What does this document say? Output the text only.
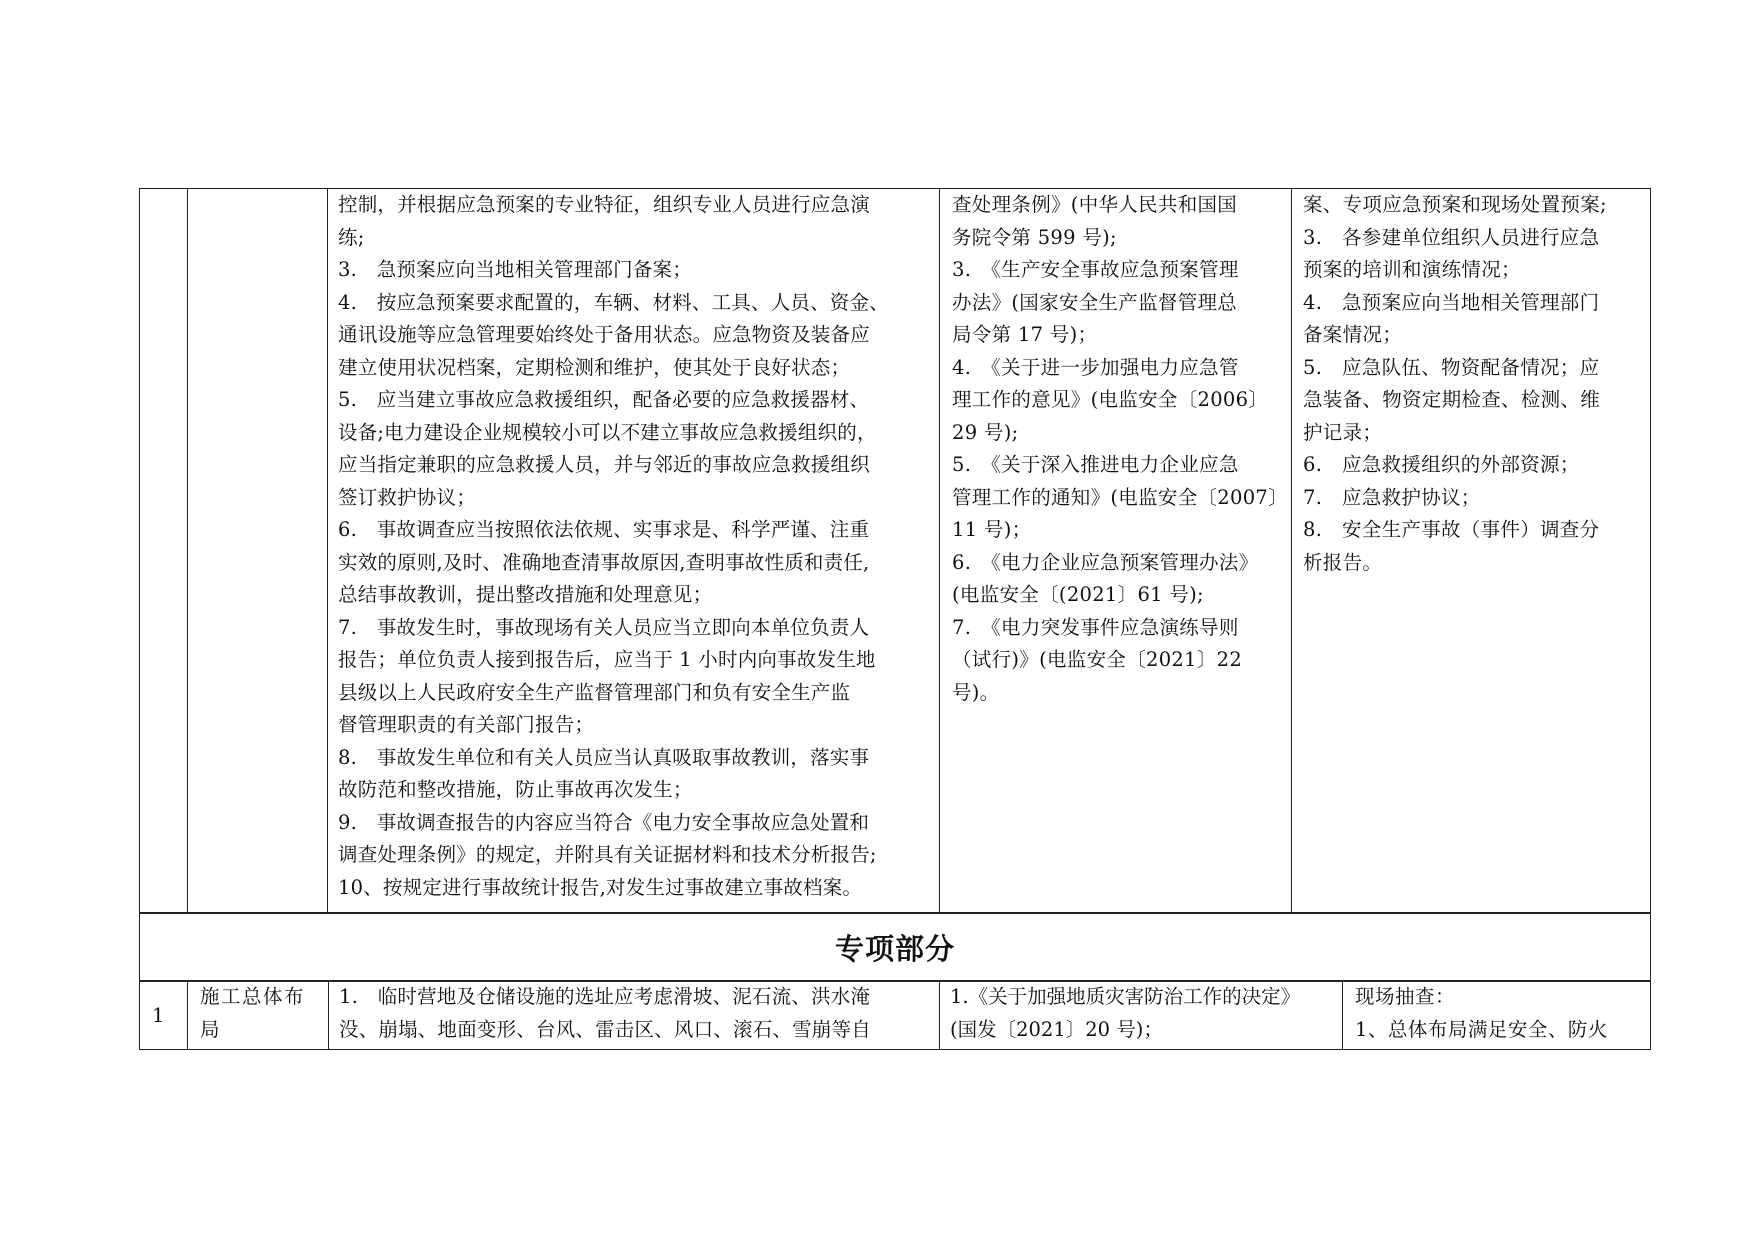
控制，并根据应急预案的专业特征，组织专业人员进行应急演
练;
3.　急预案应向当地相关管理部门备案；
4.　按应急预案要求配置的，车辆、材料、工具、人员、资金、
通讯设施等应急管理要始终处于备用状态。应急物资及装备应
建立使用状况档案，定期检测和维护，使其处于良好状态；
5.　应当建立事故应急救援组织，配备必要的应急救援器材、
设备;电力建设企业规模较小可以不建立事故应急救援组织的，
应当指定兼职的应急救援人员，并与邻近的事故应急救援组织
签订救护协议；
6.　事故调查应当按照依法依规、实事求是、科学严谨、注重
实效的原则,及时、准确地查清事故原因,查明事故性质和责任,
总结事故教训，提出整改措施和处理意见；
7.　事故发生时，事故现场有关人员应当立即向本单位负责人
报告；单位负责人接到报告后，应当于 1 小时内向事故发生地
县级以上人民政府安全生产监督管理部门和负有安全生产监
督管理职责的有关部门报告；
8.　事故发生单位和有关人员应当认真吸取事故教训，落实事
故防范和整改措施，防止事故再次发生；
9.　事故调查报告的内容应当符合《电力安全事故应急处置和
调查处理条例》的规定，并附具有关证据材料和技术分析报告;
10、按规定进行事故统计报告,对发生过事故建立事故档案。
查处理条例》(中华人民共和国国
务院令第 599 号);
3.　《生产安全事故应急预案管理
办法》(国家安全生产监督管理总
局令第 17 号)；
4.　《关于进一步加强电力应急管
理工作的意见》(电监安全〔2006〕
29 号);
5.　《关于深入推进电力企业应急
管理工作的通知》(电监安全〔2007〕
11 号)；
6.　《电力企业应急预案管理办法》
(电监安全〔(2021〕61 号);
7.　《电力突发事件应急演练导则
（试行)》(电监安全〔2021〕22
号)。
案、专项应急预案和现场处置预案;
3.　各参建单位组织人员进行应急
预案的培训和演练情况；
4.　急预案应向当地相关管理部门
备案情况；
5.　应急队伍、物资配备情况；应
急装备、物资定期检查、检测、维
护记录；
6.　应急救援组织的外部资源；
7.　应急救护协议；
8.　安全生产事故（事件）调查分
析报告。
专项部分
1
施工总体布
局
1.　临时营地及仓储设施的选址应考虑滑坡、泥石流、洪水淹
没、崩塌、地面变形、台风、雷击区、风口、滚石、雪崩等自
1.《关于加强地质灾害防治工作的决定》
(国发〔2021〕20 号)；
现场抽查：
1、总体布局满足安全、防火
